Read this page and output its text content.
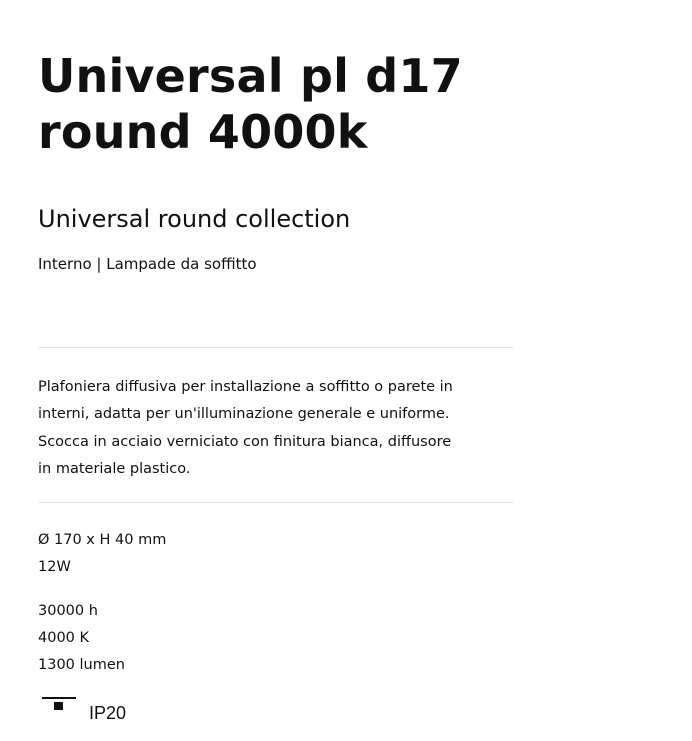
Universal pl d17
round 4000k
Universal round collection
Interno | Lampade da soffitto

Plafoniera diffusiva per installazione a soffitto o parete in
interni, adatta per un'illuminazione generale e uniforme.
Scocca in acciaio verniciato con finitura bianca, diffusore
in materiale plastico.

Ø 170 x H 40 mm
12W
30000 h
4000 K
1300 lumen
IP20
